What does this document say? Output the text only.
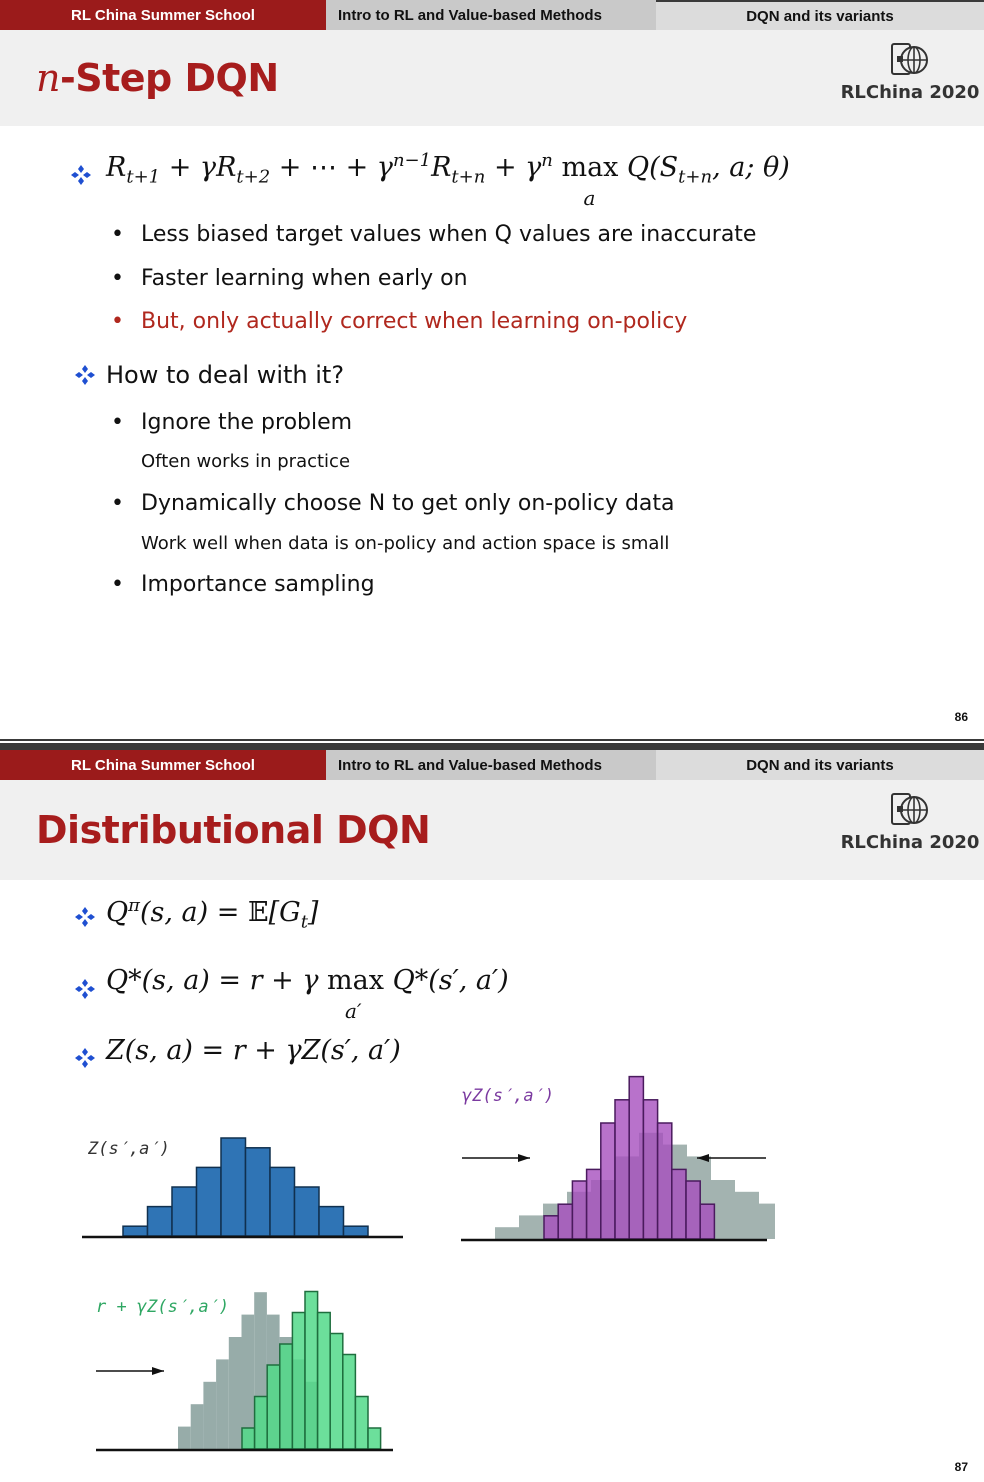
RL China Summer School	Intro to RL and Value-based Methods	DQN and its variants
n-Step DQN	RLChina 2020
$R_{t+1} + \gamma R_{t+2}$ + ⋯ + $\gamma^{n-1}R_{t+n} + \gamma^n$ max
a
$Q(S_{t+n}$, a; θ)
• Less biased target values when Q values are inaccurate
• Faster learning when early on
• But, only actually correct when learning on-policy
How to deal with it?
• Ignore the problem
Often works in practice
• Dynamically choose N to get only on-policy data
Work well when data is on-policy and action space is small
• Importance sampling
86
RL China Summer School	Intro to RL and Value-based Methods	DQN and its variants
Distributional DQN	RLChina 2020
$Q^\pi(s$, $a) = 𝔼[G_t]$
Q*(s, a) = r + γ max
a′
Q*(s′, a′)
Z(s, a) = r + γZ(s′, a′)
Z(s′,a′)
γZ(s′,a′)
r + γZ(s′,a′)
87
